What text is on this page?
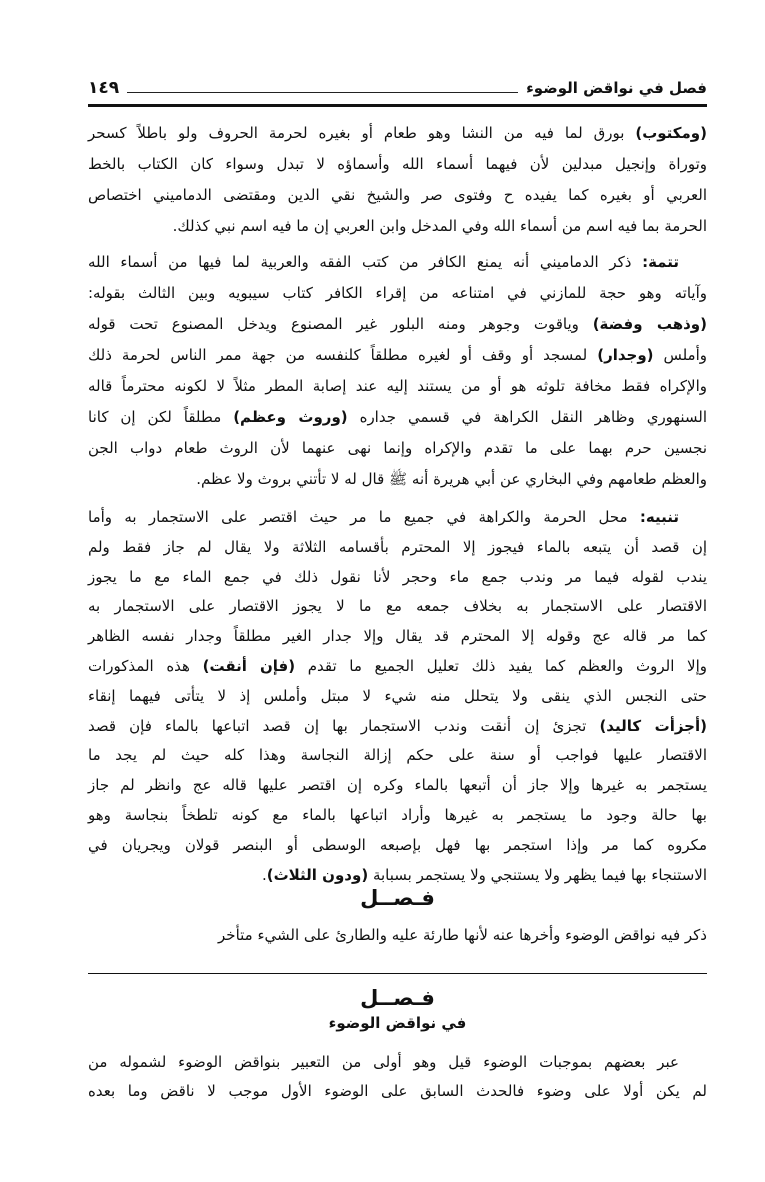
فصل في نواقض الوضوء
١٤٩
(ومكتوب) بورق لما فيه من النشا وهو طعام أو بغيره لحرمة الحروف ولو باطلاً كسحر
وتوراة وإنجيل مبدلين لأن فيهما أسماء الله وأسماؤه لا تبدل وسواء كان الكتاب بالخط
العربي أو بغيره كما يفيده ح وفتوى صر والشيخ نقي الدين ومقتضى الدماميني اختصاص
الحرمة بما فيه اسم من أسماء الله وفي المدخل وابن العربي إن ما فيه اسم نبي كذلك.
تتمة: ذكر الدماميني أنه يمنع الكافر من كتب الفقه والعربية لما فيها من أسماء الله
وآياته وهو حجة للمازني في امتناعه من إقراء الكافر كتاب سيبويه وبين الثالث بقوله:
(وذهب وفضة) وياقوت وجوهر ومنه البلور غير المصنوع ويدخل المصنوع تحت قوله
وأملس (وجدار) لمسجد أو وقف أو لغيره مطلقاً كلنفسه من جهة ممر الناس لحرمة ذلك
والإكراه فقط مخافة تلوثه هو أو من يستند إليه عند إصابة المطر مثلاً لا لكونه محترماً قاله
السنهوري وظاهر النقل الكراهة في قسمي جداره (وروث وعظم) مطلقاً لكن إن كانا
نجسين حرم بهما على ما تقدم والإكراه وإنما نهى عنهما لأن الروث طعام دواب الجن
والعظم طعامهم وفي البخاري عن أبي هريرة أنه ﷺ قال له لا تأتني بروث ولا عظم.
تنبيه: محل الحرمة والكراهة في جميع ما مر حيث اقتصر على الاستجمار به وأما
إن قصد أن يتبعه بالماء فيجوز إلا المحترم بأقسامه الثلاثة ولا يقال لم جاز فقط ولم
يندب لقوله فيما مر وندب جمع ماء وحجر لأنا نقول ذلك في جمع الماء مع ما يجوز
الاقتصار على الاستجمار به بخلاف جمعه مع ما لا يجوز الاقتصار على الاستجمار به
كما مر قاله عج وقوله إلا المحترم قد يقال وإلا جدار الغير مطلقاً وجدار نفسه الظاهر
وإلا الروث والعظم كما يفيد ذلك تعليل الجميع ما تقدم (فإن أنقت) هذه المذكورات
حتى النجس الذي ينقى ولا يتحلل منه شيء لا مبتل وأملس إذ لا يتأتى فيهما إنقاء
(أجزأت كاليد) تجزئ إن أنقت وندب الاستجمار بها إن قصد اتباعها بالماء فإن قصد
الاقتصار عليها فواجب أو سنة على حكم إزالة النجاسة وهذا كله حيث لم يجد ما
يستجمر به غيرها وإلا جاز أن أتبعها بالماء وكره إن اقتصر عليها قاله عج وانظر لم جاز
بها حالة وجود ما يستجمر به غيرها وأراد اتباعها بالماء مع كونه تلطخاً بنجاسة وهو
مكروه كما مر وإذا استجمر بها فهل بإصبعه الوسطى أو البنصر قولان ويجريان في
الاستنجاء بها فيما يظهر ولا يستنجي ولا يستجمر بسبابة (ودون الثلاث).
فـصــل
ذكر فيه نواقض الوضوء وأخرها عنه لأنها طارئة عليه والطارئ على الشيء متأخر
فـصــل
في نواقض الوضوء
عبر بعضهم بموجبات الوضوء قيل وهو أولى من التعبير بنواقض الوضوء لشموله من
لم يكن أولا على وضوء فالحدث السابق على الوضوء الأول موجب لا ناقض وما بعده
